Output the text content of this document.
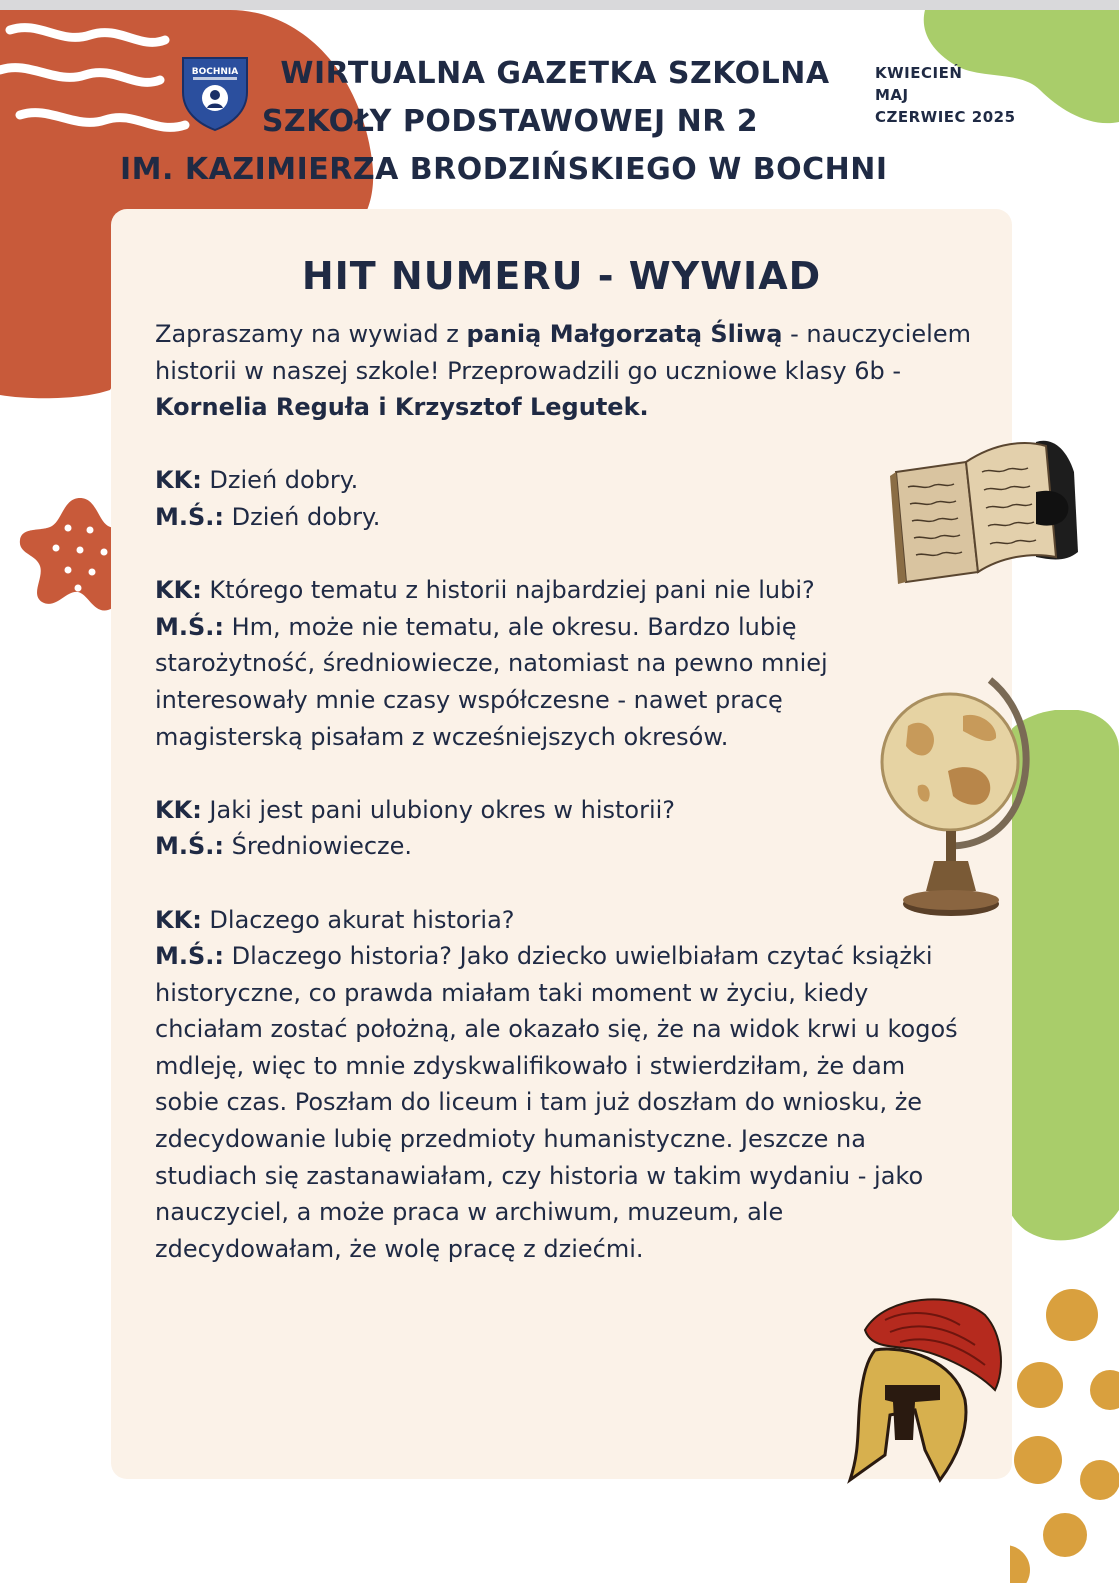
BOCHNIA	WIRTUALNA GAZETKA SZKOLNA
SZKOŁY PODSTAWOWEJ NR 2
IM. KAZIMIERZA BRODZIŃSKIEGO W BOCHNI
KWIECIEŃ
MAJ
CZERWIEC 2025
HIT NUMERU - WYWIAD

Zapraszamy na wywiad z panią Małgorzatą Śliwą - nauczycielem historii w naszej szkole! Przeprowadzili go uczniowe klasy 6b - Kornelia Reguła i Krzysztof Legutek.

KK: Dzień dobry.

M.Ś.: Dzień dobry.

KK: Którego tematu z historii najbardziej pani nie lubi?

M.Ś.: Hm, może nie tematu, ale okresu. Bardzo lubię starożytność, średniowiecze, natomiast na pewno mniej interesowały mnie czasy współczesne - nawet pracę magisterską pisałam z wcześniejszych okresów.

KK: Jaki jest pani ulubiony okres w historii?

M.Ś.: Średniowiecze.

KK: Dlaczego akurat historia?

M.Ś.: Dlaczego historia? Jako dziecko uwielbiałam czytać książki historyczne, co prawda miałam taki moment w życiu, kiedy chciałam zostać położną, ale okazało się, że na widok krwi u kogoś mdleję, więc to mnie zdyskwalifikowało i stwierdziłam, że dam sobie czas. Poszłam do liceum i tam już doszłam do wniosku, że zdecydowanie lubię przedmioty humanistyczne. Jeszcze na studiach się zastanawiałam, czy historia w takim wydaniu - jako nauczyciel, a może praca w archiwum, muzeum, ale zdecydowałam, że wolę pracę z dziećmi.
